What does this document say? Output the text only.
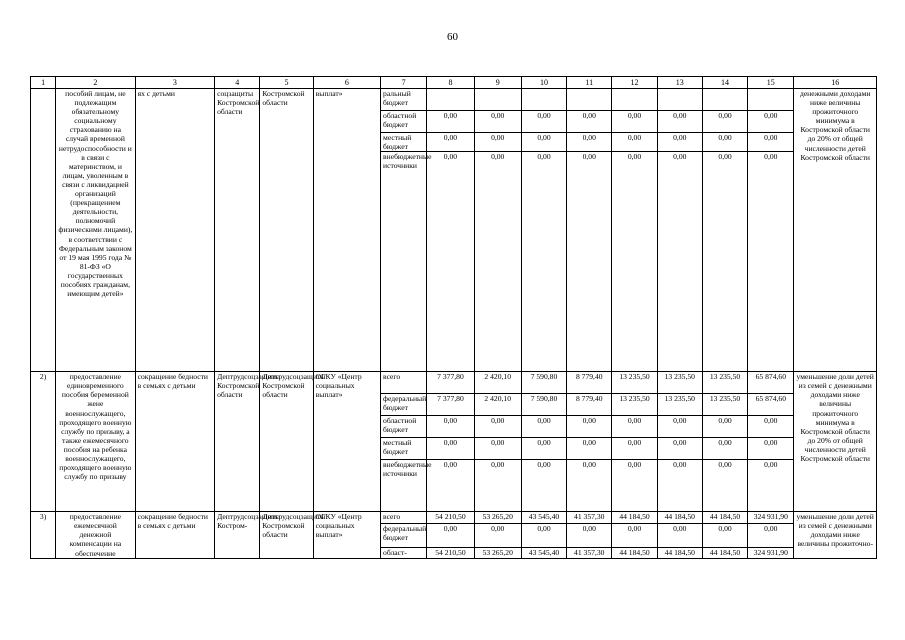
60
1	2	3	4	5	6	7	8	9	10	11	12	13	14	15	16
	пособий лицам, не подлежащим обязательному социальному страхованию на случай временной нетрудоспособности и в связи с материнством, и лицам, уволенным в связи с ликвидацией организаций (прекращением деятельности, полномочий физическими лицами), в соответствии с Федеральным законом от 19 мая 1995 года № 81-ФЗ «О государственных пособиях гражданам, имеющим детей»	ях с детьми	соцзащиты Костромской области	Костромской области	выплат»	ральный бюджет									денежными доходами ниже величины прожиточного минимума в Костромской области до 20% от общей численности детей Костромской области
						областной бюджет	0,00	0,00	0,00	0,00	0,00	0,00	0,00	0,00	
						местный бюджет	0,00	0,00	0,00	0,00	0,00	0,00	0,00	0,00	
						внебюджетные источники	0,00	0,00	0,00	0,00	0,00	0,00	0,00	0,00	
2)	предоставление единовременного пособия беременной жене военнослужащего, проходящего военную службу по призыву, а также ежемесячного пособия на ребенка военнослужащего, проходящего военную службу по призыву	сокращение бедности в семьях с детьми	Дептрудсоцзащиты Костромской области	Дептрудсоцзащиты Костромской области	ОГКУ «Центр социальных выплат»	всего	7 377,80	2 420,10	7 590,80	8 779,40	13 235,50	13 235,50	13 235,50	65 874,60	уменьшение доли детей из семей с денежными доходами ниже величины прожиточного минимума в Костромской области до 20% от общей численности детей Костромской области
						федеральный бюджет	7 377,80	2 420,10	7 590,80	8 779,40	13 235,50	13 235,50	13 235,50	65 874,60	
						областной бюджет	0,00	0,00	0,00	0,00	0,00	0,00	0,00	0,00	
						местный бюджет	0,00	0,00	0,00	0,00	0,00	0,00	0,00	0,00	
						внебюджетные источники	0,00	0,00	0,00	0,00	0,00	0,00	0,00	0,00	
3)	предоставление ежемесячной денежной компенсации на обеспечение	сокращение бедности в семьях с детьми	Дептрудсоцзащиты Костром-	Дептрудсоцзащиты Костромской области	ОГКУ «Центр социальных выплат»	всего	54 210,50	53 265,20	43 545,40	41 357,30	44 184,50	44 184,50	44 184,50	324 931,90	уменьшение доли детей из семей с денежными доходами ниже величины прожиточно-
						федеральный бюджет	0,00	0,00	0,00	0,00	0,00	0,00	0,00	0,00	
						област-	54 210,50	53 265,20	43 545,40	41 357,30	44 184,50	44 184,50	44 184,50	324 931,90	
